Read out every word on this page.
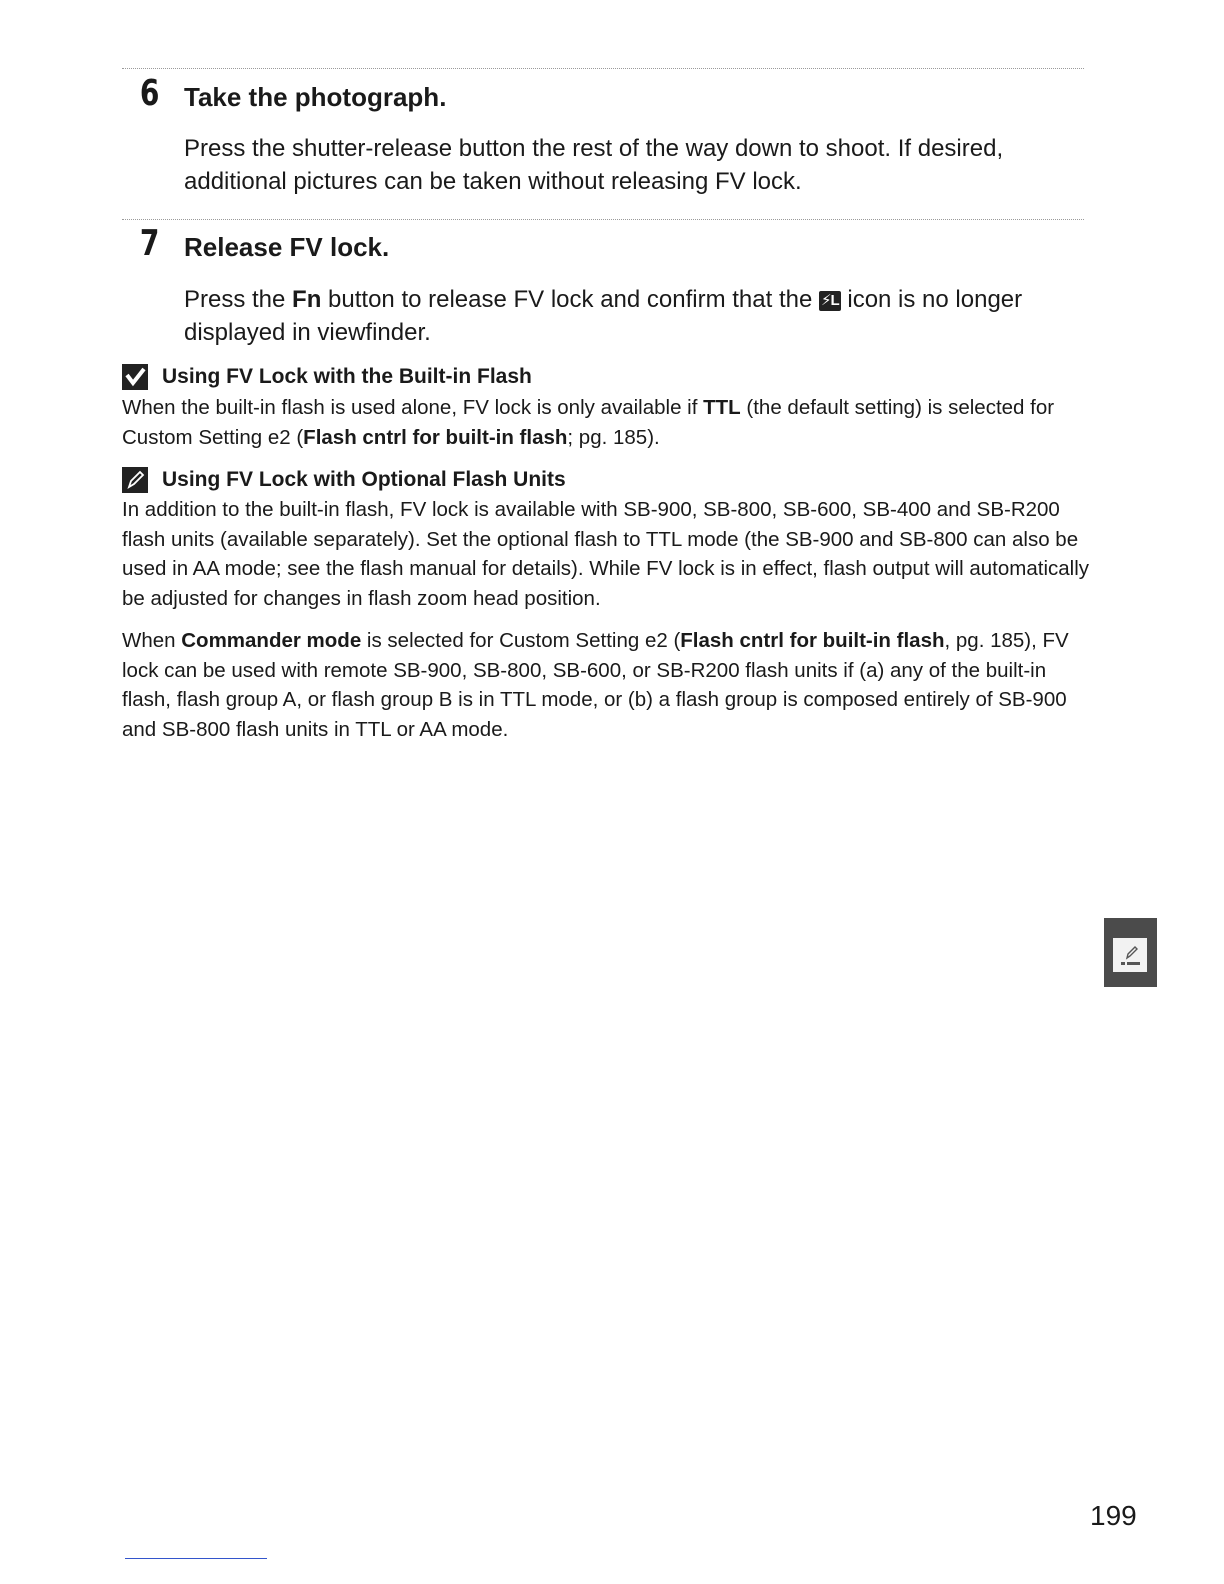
6 Take the photograph.
Press the shutter-release button the rest of the way down to shoot. If desired, additional pictures can be taken without releasing FV lock.
7 Release FV lock.
Press the Fn button to release FV lock and confirm that the ⚡L icon is no longer displayed in viewfinder.
Using FV Lock with the Built-in Flash
When the built-in flash is used alone, FV lock is only available if TTL (the default setting) is selected for Custom Setting e2 (Flash cntrl for built-in flash; pg. 185).
Using FV Lock with Optional Flash Units
In addition to the built-in flash, FV lock is available with SB-900, SB-800, SB-600, SB-400 and SB-R200 flash units (available separately). Set the optional flash to TTL mode (the SB-900 and SB-800 can also be used in AA mode; see the flash manual for details). While FV lock is in effect, flash output will automatically be adjusted for changes in flash zoom head position.
When Commander mode is selected for Custom Setting e2 (Flash cntrl for built-in flash, pg. 185), FV lock can be used with remote SB-900, SB-800, SB-600, or SB-R200 flash units if (a) any of the built-in flash, flash group A, or flash group B is in TTL mode, or (b) a flash group is composed entirely of SB-900 and SB-800 flash units in TTL or AA mode.
199
